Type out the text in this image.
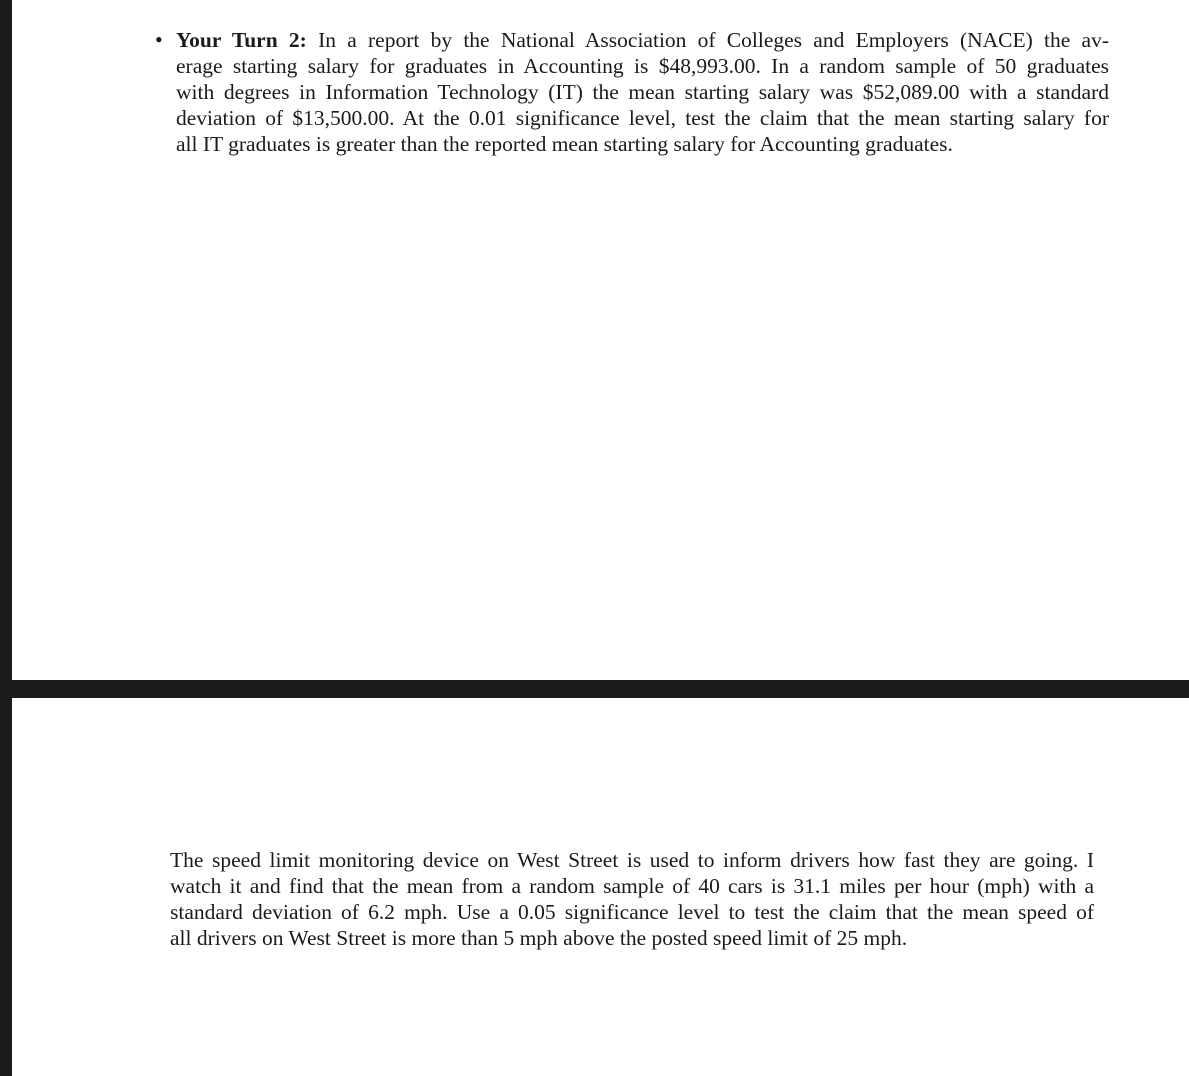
• Your Turn 2: In a report by the National Association of Colleges and Employers (NACE) the av-
erage starting salary for graduates in Accounting is $48,993.00. In a random sample of 50 graduates
with degrees in Information Technology (IT) the mean starting salary was $52,089.00 with a standard
deviation of $13,500.00. At the 0.01 significance level, test the claim that the mean starting salary for
all IT graduates is greater than the reported mean starting salary for Accounting graduates.
The speed limit monitoring device on West Street is used to inform drivers how fast they are going. I
watch it and find that the mean from a random sample of 40 cars is 31.1 miles per hour (mph) with a
standard deviation of 6.2 mph. Use a 0.05 significance level to test the claim that the mean speed of
all drivers on West Street is more than 5 mph above the posted speed limit of 25 mph.
